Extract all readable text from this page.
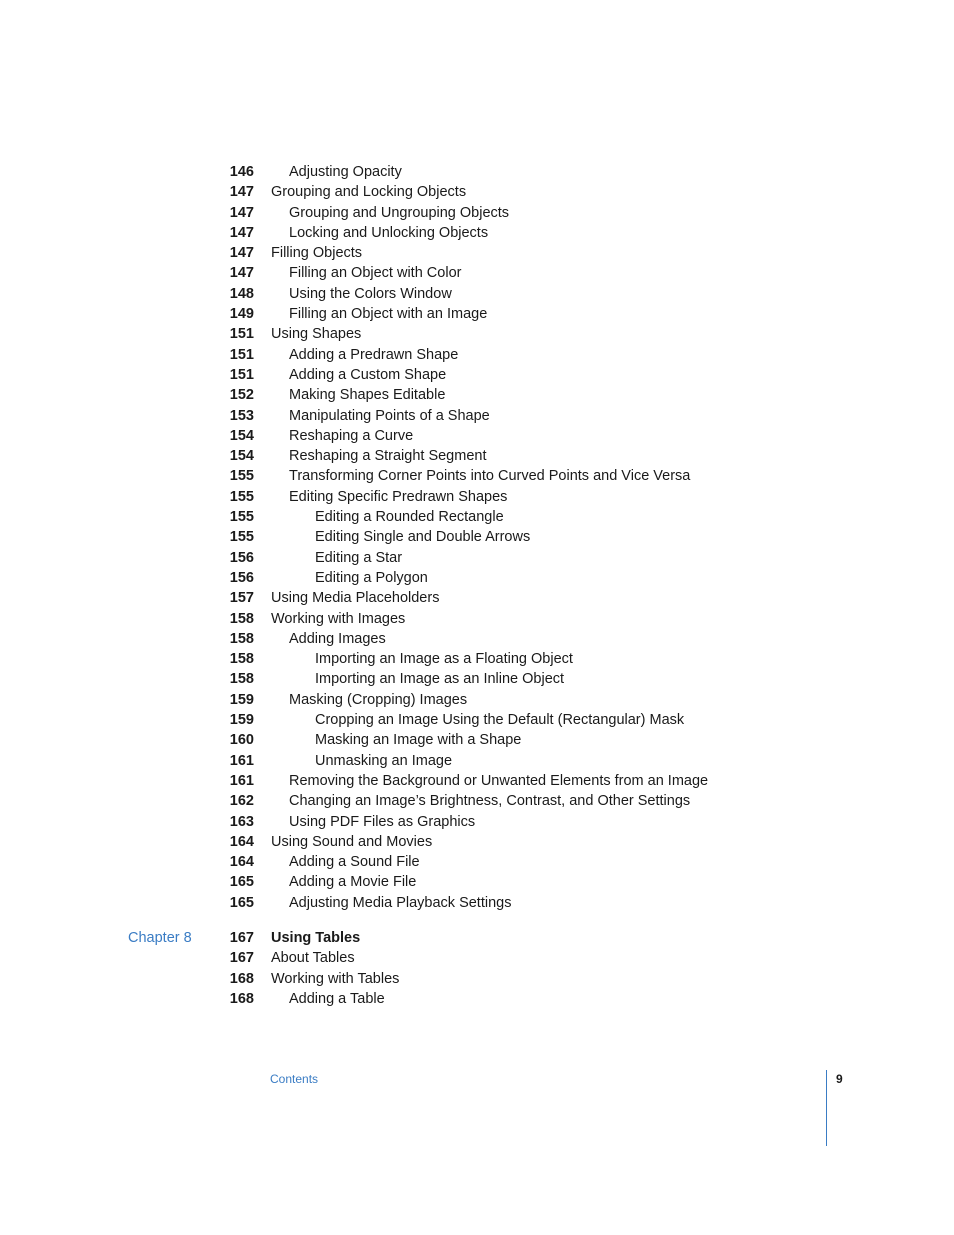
146 Adjusting Opacity
147 Grouping and Locking Objects
147 Grouping and Ungrouping Objects
147 Locking and Unlocking Objects
147 Filling Objects
147 Filling an Object with Color
148 Using the Colors Window
149 Filling an Object with an Image
151 Using Shapes
151 Adding a Predrawn Shape
151 Adding a Custom Shape
152 Making Shapes Editable
153 Manipulating Points of a Shape
154 Reshaping a Curve
154 Reshaping a Straight Segment
155 Transforming Corner Points into Curved Points and Vice Versa
155 Editing Specific Predrawn Shapes
155	Editing a Rounded Rectangle
155	Editing Single and Double Arrows
156	Editing a Star
156	Editing a Polygon
157 Using Media Placeholders
158 Working with Images
158 Adding Images
158	Importing an Image as a Floating Object
158	Importing an Image as an Inline Object
159 Masking (Cropping) Images
159	Cropping an Image Using the Default (Rectangular) Mask
160	Masking an Image with a Shape
161	Unmasking an Image
161 Removing the Background or Unwanted Elements from an Image
162 Changing an Image’s Brightness, Contrast, and Other Settings
163 Using PDF Files as Graphics
164 Using Sound and Movies
164 Adding a Sound File
165 Adding a Movie File
165 Adjusting Media Playback Settings
Chapter 8	167 Using Tables
167 About Tables
168 Working with Tables
168 Adding a Table
Contents	9
